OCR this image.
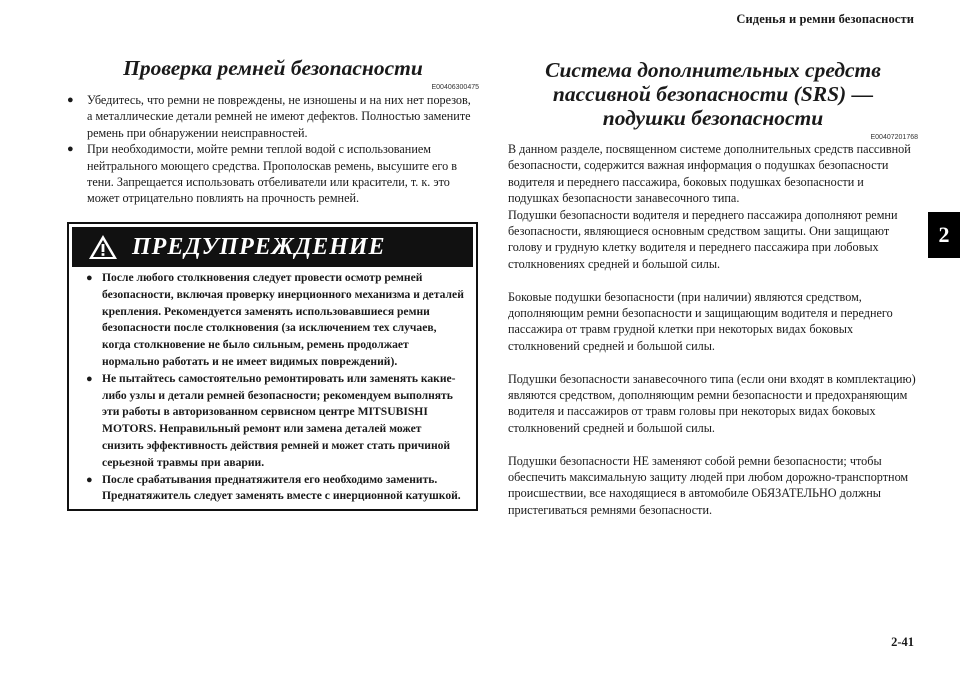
Сиденья и ремни безопасности
2
2-41
Проверка ремней безопасности

E00406300475

●	Убедитесь, что ремни не повреждены, не изношены и на них нет порезов, а металлические детали ремней не имеют дефектов. Полностью замените ремень при обнаружении неисправностей.
●	При необходимости, мойте ремни теплой водой с использованием нейтрального моющего средства. Прополоскав ремень, высушите его в тени. Запрещается использовать отбеливатели или красители, т. к. это может отрицательно повлиять на прочность ремней.
ПРЕДУПРЕЖДЕНИЕ
● После любого столкновения следует провести осмотр ремней безопасности, включая проверку инерционного механизма и деталей крепления. Рекомендуется заменять использовавшиеся ремни безопасности после столкновения (за исключением тех случаев, когда столкновение не было сильным, ремень продолжает нормально работать и не имеет видимых повреждений).
● Не пытайтесь самостоятельно ремонтировать или заменять какие-либо узлы и детали ремней безопасности; рекомендуем выполнять эти работы в авторизованном сервисном центре MITSUBISHI MOTORS. Неправильный ремонт или замена деталей может снизить эффективность действия ремней и может стать причиной серьезной травмы при аварии.
● После срабатывания преднатяжителя его необходимо заменить. Преднатяжитель следует заменять вместе с инерционной катушкой.
Система дополнительных средств
пассивной безопасности (SRS) —
подушки безопасности

E00407201768

В данном разделе, посвященном системе дополнительных средств пассивной безопасности, содержится важная информация о подушках безопасности водителя и переднего пассажира, боковых подушках безопасности и подушках безопасности занавесочного типа.

Подушки безопасности водителя и переднего пассажира дополняют ремни безопасности, являющиеся основным средством защиты. Они защищают голову и грудную клетку водителя и переднего пассажира при лобовых столкновениях средней и большой силы.

Боковые подушки безопасности (при наличии) являются средством, дополняющим ремни безопасности и защищающим водителя и переднего пассажира от травм грудной клетки при некоторых видах боковых столкновений средней и большой силы.

Подушки безопасности занавесочного типа (если они входят в комплектацию) являются средством, дополняющим ремни безопасности и предохраняющим водителя и пассажиров от травм головы при некоторых видах боковых столкновений средней и большой силы.

Подушки безопасности НЕ заменяют собой ремни безопасности; чтобы обеспечить максимальную защиту людей при любом дорожно-транспортном происшествии, все находящиеся в автомобиле ОБЯЗАТЕЛЬНО должны пристегиваться ремнями безопасности.
